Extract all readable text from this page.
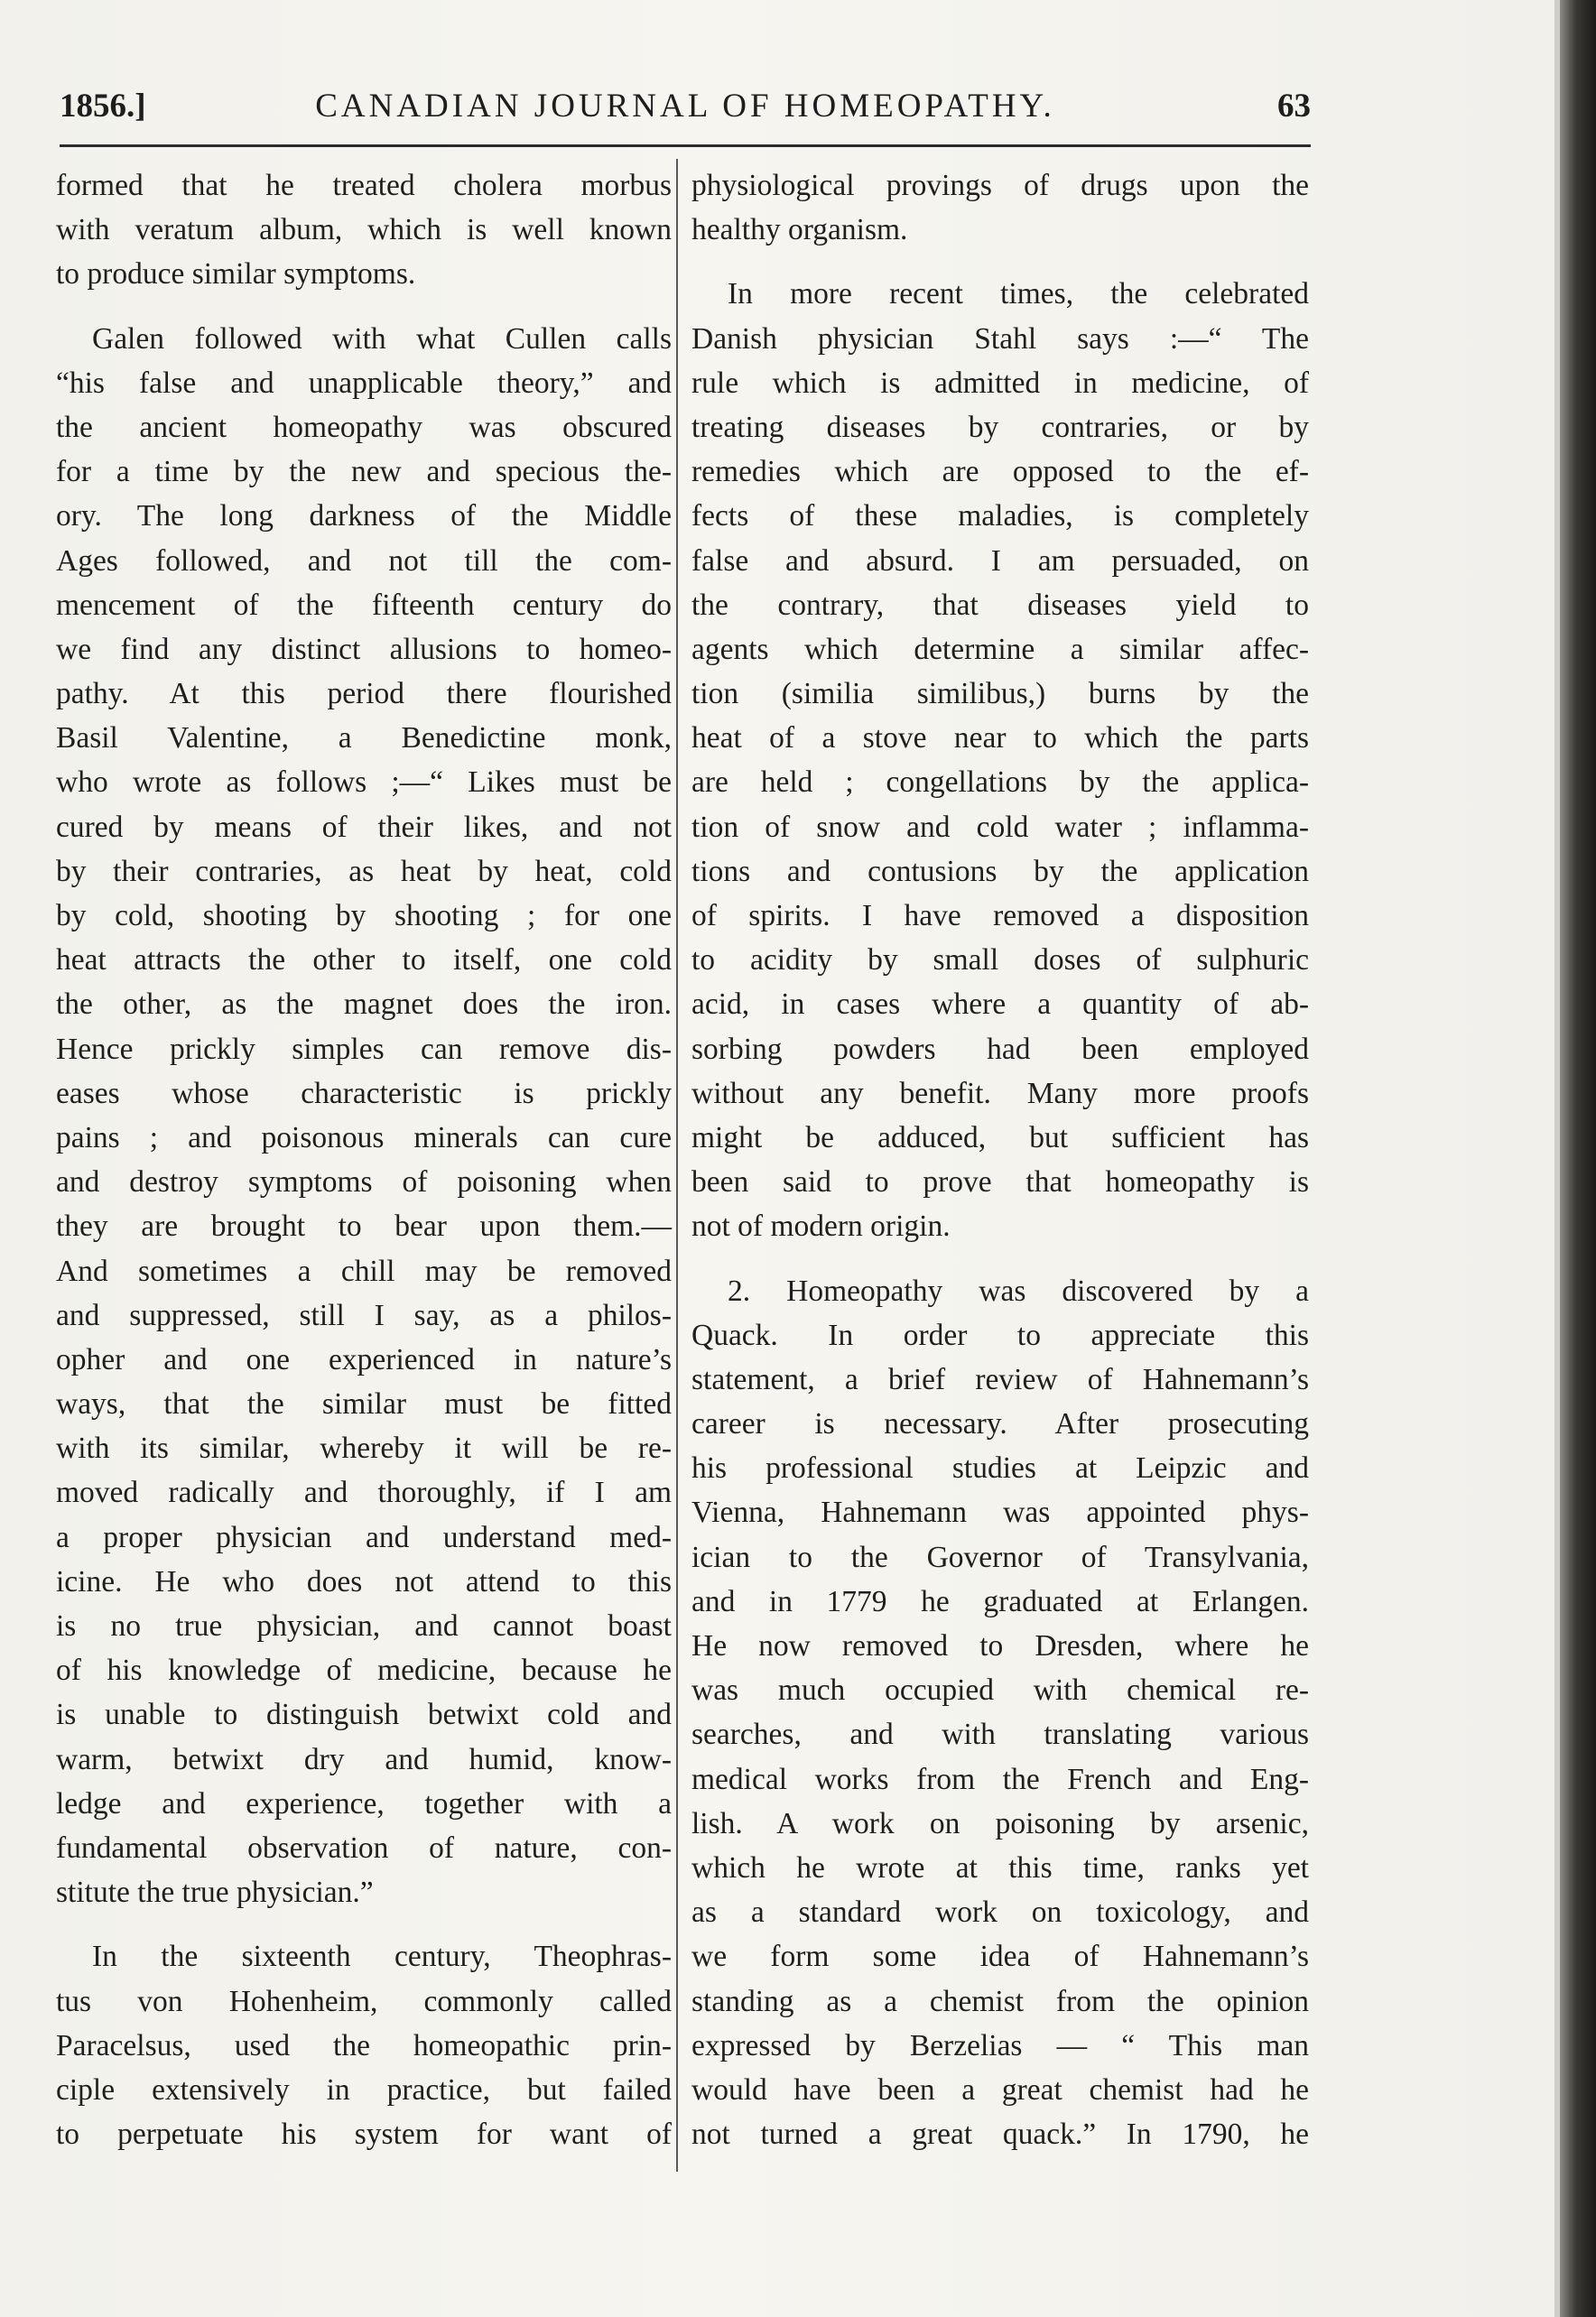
1856.]	CANADIAN JOURNAL OF HOMEOPATHY.	63
formed that he treated cholera morbus
with veratum album, which is well known
to produce similar symptoms.
Galen followed with what Cullen calls
“his false and unapplicable theory,” and
the ancient homeopathy was obscured
for a time by the new and specious the-
ory. The long darkness of the Middle
Ages followed, and not till the com-
mencement of the fifteenth century do
we find any distinct allusions to homeo-
pathy. At this period there flourished
Basil Valentine, a Benedictine monk,
who wrote as follows ;—“ Likes must be
cured by means of their likes, and not
by their contraries, as heat by heat, cold
by cold, shooting by shooting ; for one
heat attracts the other to itself, one cold
the other, as the magnet does the iron.
Hence prickly simples can remove dis-
eases whose characteristic is prickly
pains ; and poisonous minerals can cure
and destroy symptoms of poisoning when
they are brought to bear upon them.—
And sometimes a chill may be removed
and suppressed, still I say, as a philos-
opher and one experienced in nature’s
ways, that the similar must be fitted
with its similar, whereby it will be re-
moved radically and thoroughly, if I am
a proper physician and understand med-
icine. He who does not attend to this
is no true physician, and cannot boast
of his knowledge of medicine, because he
is unable to distinguish betwixt cold and
warm, betwixt dry and humid, know-
ledge and experience, together with a
fundamental observation of nature, con-
stitute the true physician.”
In the sixteenth century, Theophras-
tus von Hohenheim, commonly called
Paracelsus, used the homeopathic prin-
ciple extensively in practice, but failed
to perpetuate his system for want of
physiological provings of drugs upon the
healthy organism.
In more recent times, the celebrated
Danish physician Stahl says :—“ The
rule which is admitted in medicine, of
treating diseases by contraries, or by
remedies which are opposed to the ef-
fects of these maladies, is completely
false and absurd. I am persuaded, on
the contrary, that diseases yield to
agents which determine a similar affec-
tion (similia similibus,) burns by the
heat of a stove near to which the parts
are held ; congellations by the applica-
tion of snow and cold water ; inflamma-
tions and contusions by the application
of spirits. I have removed a disposition
to acidity by small doses of sulphuric
acid, in cases where a quantity of ab-
sorbing powders had been employed
without any benefit. Many more proofs
might be adduced, but sufficient has
been said to prove that homeopathy is
not of modern origin.
2. Homeopathy was discovered by a
Quack. In order to appreciate this
statement, a brief review of Hahnemann’s
career is necessary. After prosecuting
his professional studies at Leipzic and
Vienna, Hahnemann was appointed phys-
ician to the Governor of Transylvania,
and in 1779 he graduated at Erlangen.
He now removed to Dresden, where he
was much occupied with chemical re-
searches, and with translating various
medical works from the French and Eng-
lish. A work on poisoning by arsenic,
which he wrote at this time, ranks yet
as a standard work on toxicology, and
we form some idea of Hahnemann’s
standing as a chemist from the opinion
expressed by Berzelias — “ This man
would have been a great chemist had he
not turned a great quack.” In 1790, he
